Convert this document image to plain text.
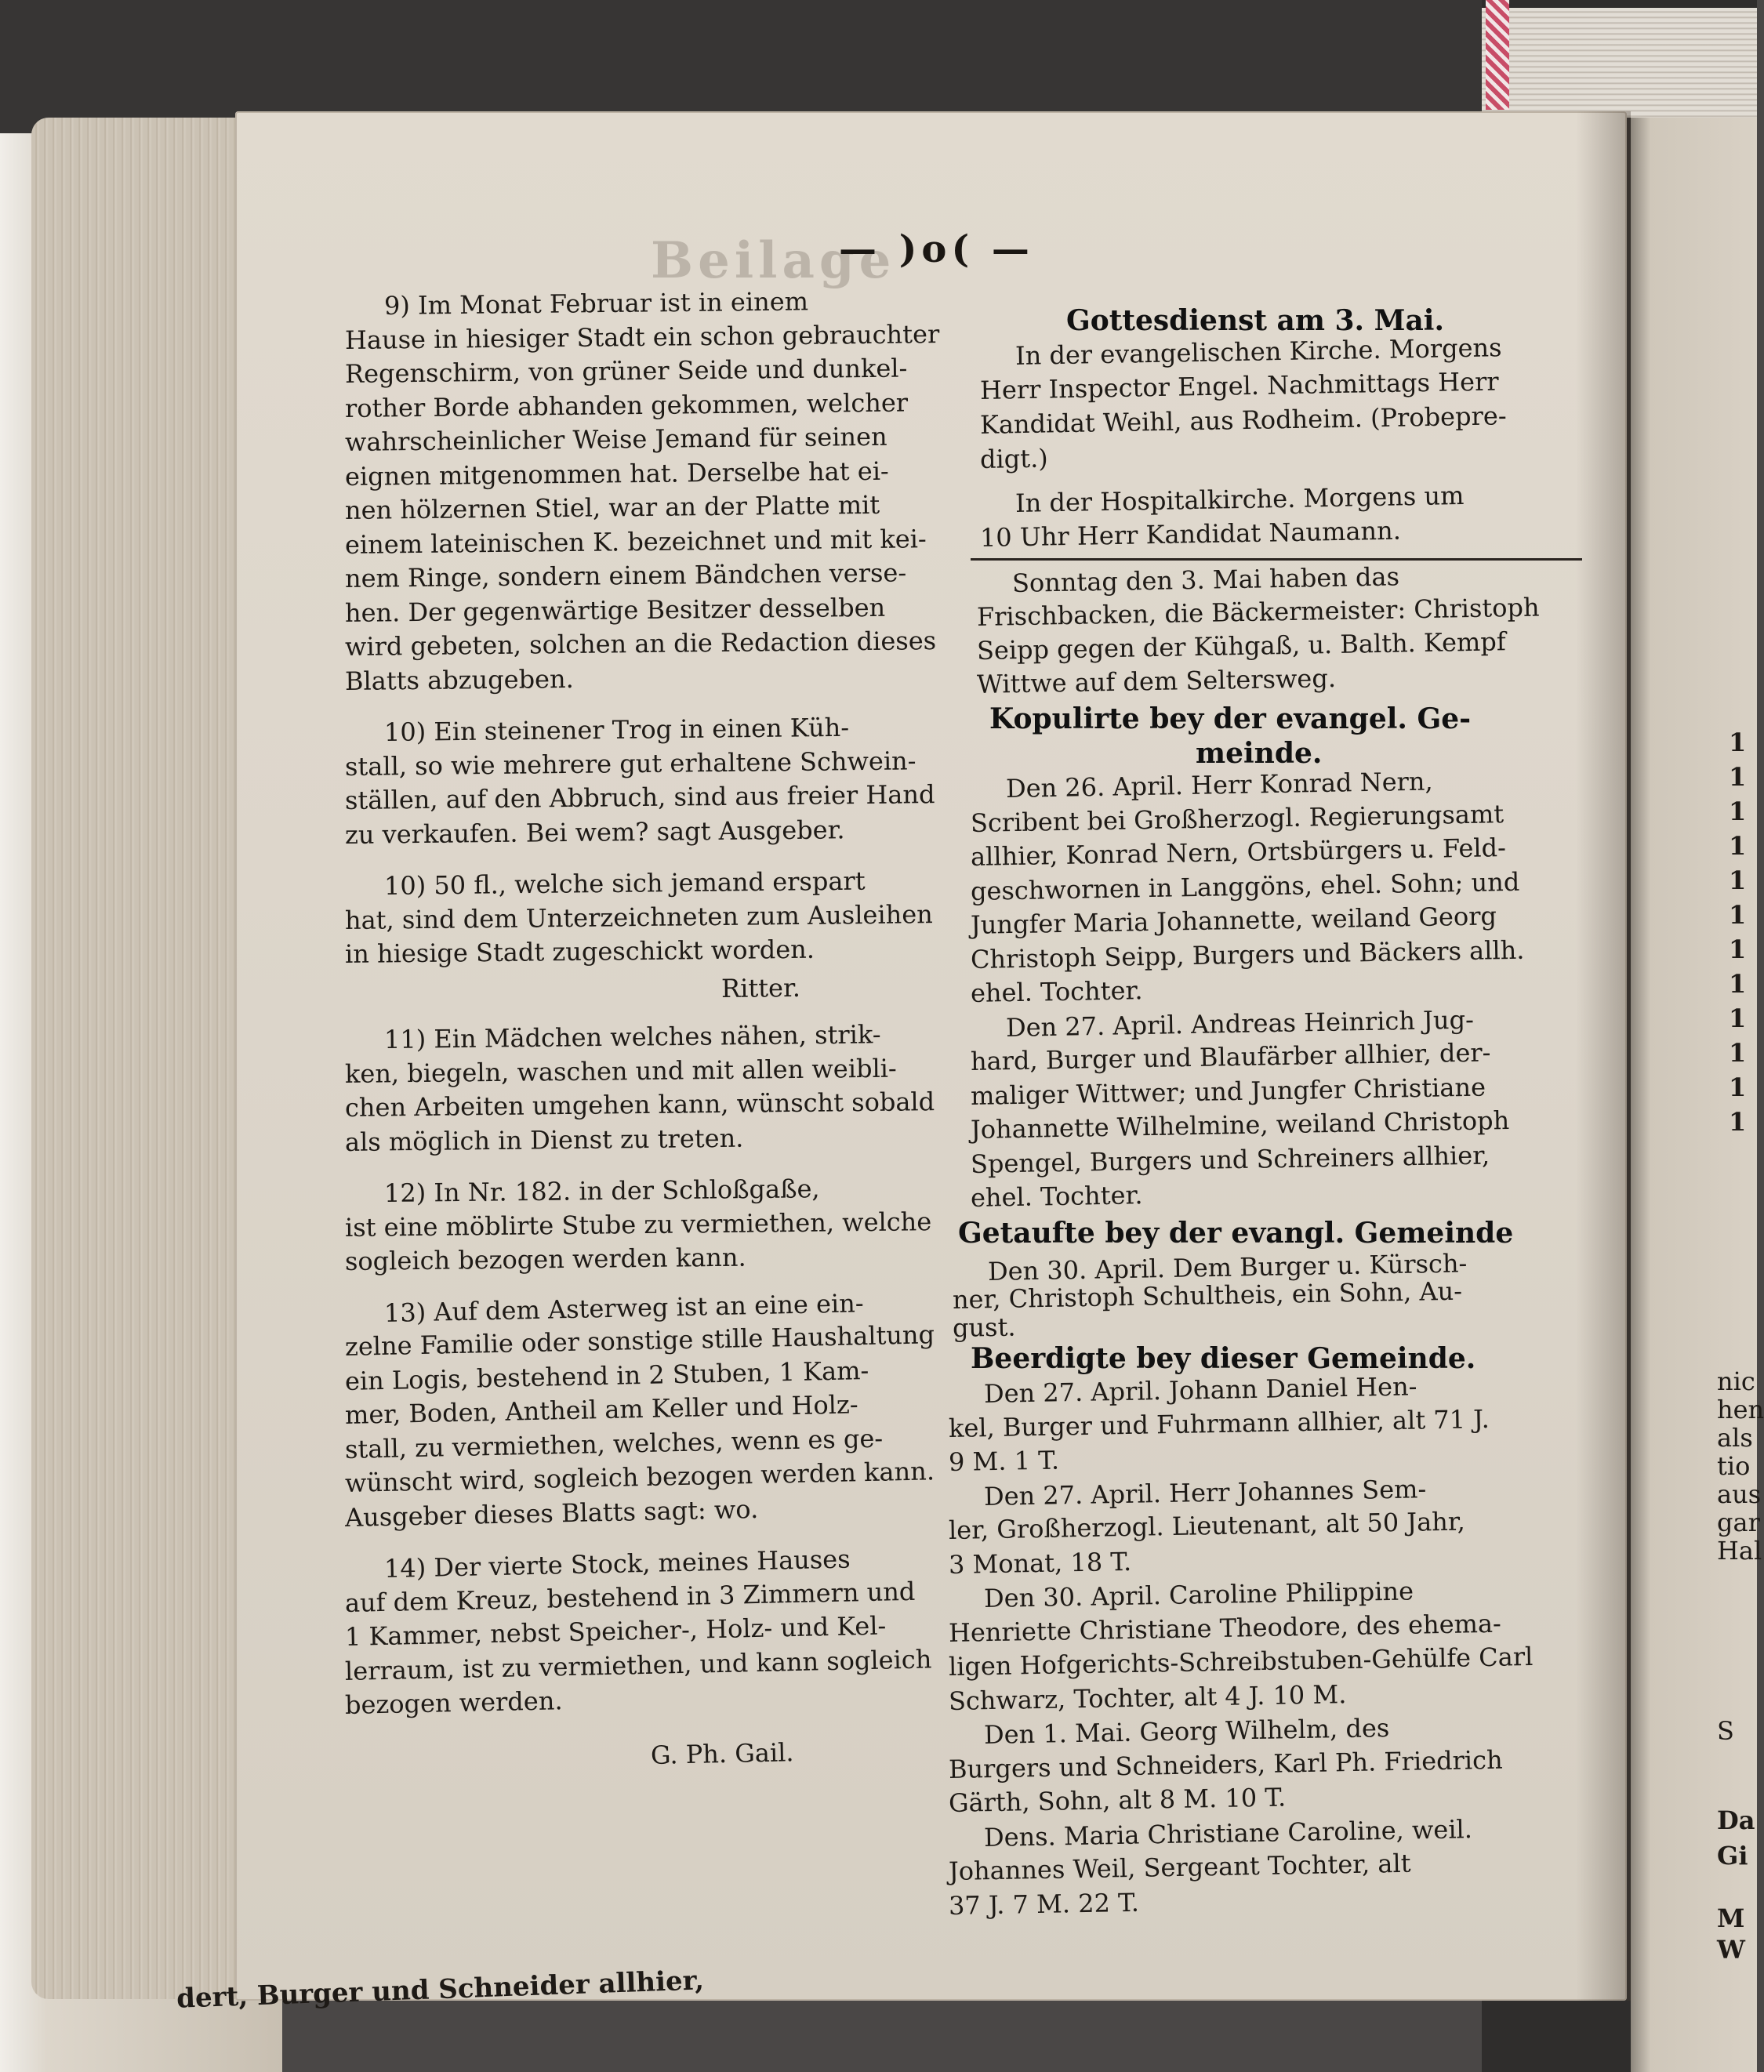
Beilage
— )o( —
9) Im Monat Februar ist in einem
Hause in hiesiger Stadt ein schon gebrauchter
Regenschirm, von grüner Seide und dunkel-
rother Borde abhanden gekommen, welcher
wahrscheinlicher Weise Jemand für seinen
eignen mitgenommen hat. Derselbe hat ei-
nen hölzernen Stiel, war an der Platte mit
einem lateinischen K. bezeichnet und mit kei-
nem Ringe, sondern einem Bändchen verse-
hen. Der gegenwärtige Besitzer desselben
wird gebeten, solchen an die Redaction dieses
Blatts abzugeben.
10) Ein steinener Trog in einen Küh-
stall, so wie mehrere gut erhaltene Schwein-
ställen, auf den Abbruch, sind aus freier Hand
zu verkaufen. Bei wem? sagt Ausgeber.
10) 50 fl., welche sich jemand erspart
hat, sind dem Unterzeichneten zum Ausleihen
in hiesige Stadt zugeschickt worden.
Ritter.
11) Ein Mädchen welches nähen, strik-
ken, biegeln, waschen und mit allen weibli-
chen Arbeiten umgehen kann, wünscht sobald
als möglich in Dienst zu treten.
12) In Nr. 182. in der Schloßgaße,
ist eine möblirte Stube zu vermiethen, welche
sogleich bezogen werden kann.
13) Auf dem Asterweg ist an eine ein-
zelne Familie oder sonstige stille Haushaltung
ein Logis, bestehend in 2 Stuben, 1 Kam-
mer, Boden, Antheil am Keller und Holz-
stall, zu vermiethen, welches, wenn es ge-
wünscht wird, sogleich bezogen werden kann.
Ausgeber dieses Blatts sagt: wo.
14) Der vierte Stock, meines Hauses
auf dem Kreuz, bestehend in 3 Zimmern und
1 Kammer, nebst Speicher-, Holz- und Kel-
lerraum, ist zu vermiethen, und kann sogleich
bezogen werden.
G. Ph. Gail.
Gottesdienst am 3. Mai.
Kopulirte bey der evangel. Ge-
meinde.
Getaufte bey der evangl. Gemeinde
Beerdigte bey dieser Gemeinde.
In der evangelischen Kirche. Morgens
Herr Inspector Engel. Nachmittags Herr
Kandidat Weihl, aus Rodheim. (Probepre-
digt.)
In der Hospitalkirche. Morgens um
10 Uhr Herr Kandidat Naumann.
Sonntag den 3. Mai haben das
Frischbacken, die Bäckermeister: Christoph
Seipp gegen der Kühgaß, u. Balth. Kempf
Wittwe auf dem Seltersweg.
Den 26. April. Herr Konrad Nern,
Scribent bei Großherzogl. Regierungsamt
allhier, Konrad Nern, Ortsbürgers u. Feld-
geschwornen in Langgöns, ehel. Sohn; und
Jungfer Maria Johannette, weiland Georg
Christoph Seipp, Burgers und Bäckers allh.
ehel. Tochter.
Den 27. April. Andreas Heinrich Jug-
hard, Burger und Blaufärber allhier, der-
maliger Wittwer; und Jungfer Christiane
Johannette Wilhelmine, weiland Christoph
Spengel, Burgers und Schreiners allhier,
ehel. Tochter.
Den 30. April. Dem Burger u. Kürsch-
ner, Christoph Schultheis, ein Sohn, Au-
gust.
Den 27. April. Johann Daniel Hen-
kel, Burger und Fuhrmann allhier, alt 71 J.
9 M. 1 T.
Den 27. April. Herr Johannes Sem-
ler, Großherzogl. Lieutenant, alt 50 Jahr,
3 Monat, 18 T.
Den 30. April. Caroline Philippine
Henriette Christiane Theodore, des ehema-
ligen Hofgerichts-Schreibstuben-Gehülfe Carl
Schwarz, Tochter, alt 4 J. 10 M.
Den 1. Mai. Georg Wilhelm, des
Burgers und Schneiders, Karl Ph. Friedrich
Gärth, Sohn, alt 8 M. 10 T.
Dens. Maria Christiane Caroline, weil.
Johannes Weil, Sergeant Tochter, alt
37 J. 7 M. 22 T.
1
1
1
1
1
1
1
1
1
1
1
1
nic
hen
als
tio
aus
gar
Hal
S
Da
Gi
M
W
dert, Burger und Schneider allhier,
